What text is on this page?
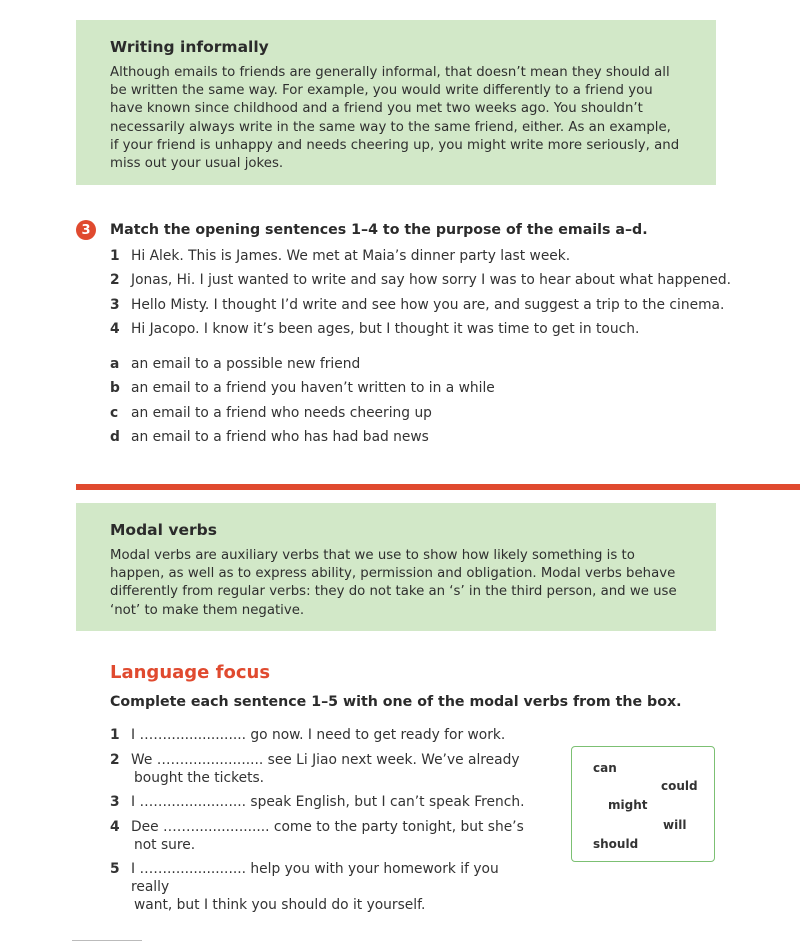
Writing informally

Although emails to friends are generally informal, that doesn’t mean they should all be written the same way. For example, you would write differently to a friend you have known since childhood and a friend you met two weeks ago. You shouldn’t necessarily always write in the same way to the same friend, either. As an example, if your friend is unhappy and needs cheering up, you might write more seriously, and miss out your usual jokes.

3	Match the opening sentences 1–4 to the purpose of the emails a–d.
1 Hi Alek. This is James. We met at Maia’s dinner party last week.
2 Jonas, Hi. I just wanted to write and say how sorry I was to hear about what happened.
3 Hello Misty. I thought I’d write and see how you are, and suggest a trip to the cinema.
4 Hi Jacopo. I know it’s been ages, but I thought it was time to get in touch.
a an email to a possible new friend
b an email to a friend you haven’t written to in a while
c an email to a friend who needs cheering up
d an email to a friend who has had bad news
Modal verbs

Modal verbs are auxiliary verbs that we use to show how likely something is to happen, as well as to express ability, permission and obligation. Modal verbs behave differently from regular verbs: they do not take an ‘s’ in the third person, and we use ‘not’ to make them negative.

Language focus
Complete each sentence 1–5 with one of the modal verbs from the box.
1 I …….................. go now. I need to get ready for work.
2 We …….................. see Li Jiao next week. We’ve already
bought the tickets.
3 I …….................. speak English, but I can’t speak French.
4 Dee …….................. come to the party tonight, but she’s
not sure.
5 I …….................. help you with your homework if you really
want, but I think you should do it yourself.
can
could
might
will
should
